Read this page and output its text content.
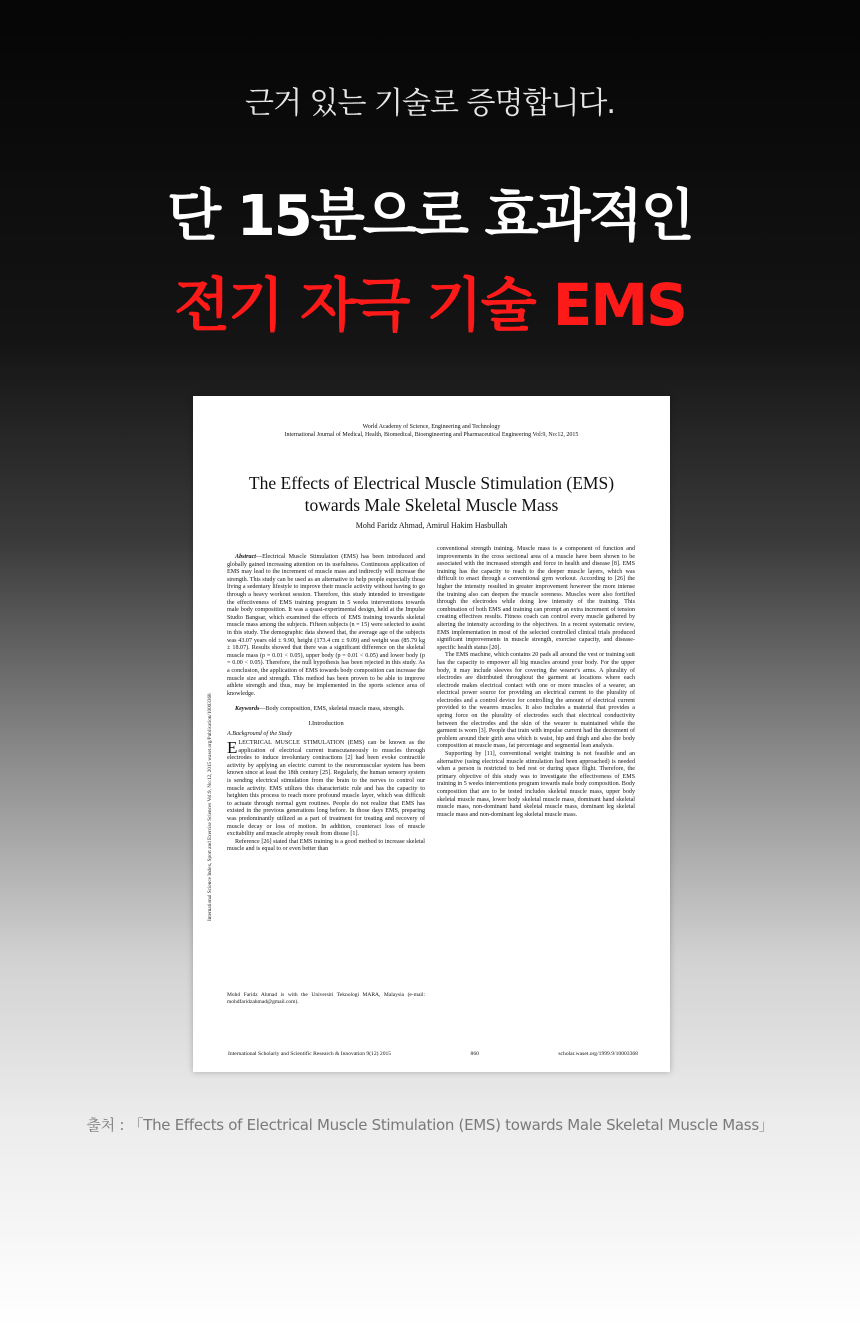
근거 있는 기술로 증명합니다.
단 15분으로 효과적인
전기 자극 기술 EMS
World Academy of Science, Engineering and Technology
International Journal of Medical, Health, Biomedical, Bioengineering and Pharmaceutical Engineering Vol:9, No:12, 2015
The Effects of Electrical Muscle Stimulation (EMS)
towards Male Skeletal Muscle Mass
Mohd Faridz Ahmad, Amirul Hakim Hasbullah
International Science Index, Sport and Exercise Sciences Vol:9, No:12, 2015 waset.org/Publication/10003368

Abstract—Electrical Muscle Stimulation (EMS) has been introduced and globally gained increasing attention on its usefulness. Continuous application of EMS may lead to the increment of muscle mass and indirectly will increase the strength. This study can be used as an alternative to help people especially those living a sedentary lifestyle to improve their muscle activity without having to go through a heavy workout session. Therefore, this study intended to investigate the effectiveness of EMS training program in 5 weeks interventions towards male body composition. It was a quasi-experimental design, held at the Impulse Studio Bangsar, which examined the effects of EMS training towards skeletal muscle mass among the subjects. Fifteen subjects (n = 15) were selected to assist in this study. The demographic data showed that, the average age of the subjects was 43.07 years old ± 9.90, height (173.4 cm ± 9.09) and weight was (85.79 kg ± 18.07). Results showed that there was a significant difference on the skeletal muscle mass (p = 0.01 < 0.05), upper body (p = 0.01 < 0.05) and lower body (p = 0.00 < 0.05). Therefore, the null hypothesis has been rejected in this study. As a conclusion, the application of EMS towards body composition can increase the muscle size and strength. This method has been proven to be able to improve athlete strength and thus, may be implemented in the sports science area of knowledge.

Keywords—Body composition, EMS, skeletal muscle mass, strength.

I.Introduction
A.Background of the Study

ELECTRICAL MUSCLE STIMULATION (EMS) can be known as the application of electrical current transcutaneously to muscles through electrodes to induce involuntary contractions [2] had been evoke contractile activity by applying an electric current to the neuromuscular system has been known since at least the 18th century [25]. Regularly, the human sensory system is sending electrical stimulation from the brain to the nerves to control our muscle activity. EMS utilizes this characteristic rule and has the capacity to heighten this process to reach more profound muscle layer, which was difficult to actuate through normal gym routines. People do not realize that EMS has existed in the previous generations long before. In those days EMS, preparing was predominantly utilized as a part of treatment for treating and recovery of muscle decay or loss of motion. In addition, counteract loss of muscle excitability and muscle atrophy result from disuse [1].

Reference [26] stated that EMS training is a good method to increase skeletal muscle and is equal to or even better than

conventional strength training. Muscle mass is a component of function and improvements in the cross sectional area of a muscle have been shown to be associated with the increased strength and force in health and disease [8]. EMS training has the capacity to reach to the deeper muscle layers, which was difficult to enact through a conventional gym workout. According to [26] the higher the intensity resulted in greater improvement however the more intense the training also can deepen the muscle soreness. Muscles were also fortified through the electrodes while doing low intensity of the training. This combination of both EMS and training can prompt an extra increment of tension creating effectives results. Fitness coach can control every muscle gathered by altering the intensity according to the objectives. In a recent systematic review, EMS implementation in most of the selected controlled clinical trials produced significant improvements in muscle strength, exercise capacity, and disease-specific health status [20].

The EMS machine, which contains 20 pads all around the vest or training suit has the capacity to empower all big muscles around your body. For the upper body, it may include sleeves for covering the wearer's arms. A plurality of electrodes are distributed throughout the garment at locations where each electrode makes electrical contact with one or more muscles of a wearer, an electrical power source for providing an electrical current to the plurality of electrodes and a control device for controlling the amount of electrical current provided to the wearers muscles. It also includes a material that provides a spring force on the plurality of electrodes such that electrical conductivity between the electrodes and the skin of the wearer is maintained while the garment is worn [3]. People that train with impulse current had the decrement of problem around their girth area which is waist, hip and thigh and also the body composition at muscle mass, fat percentage and segmental lean analysis.

Supporting by [11], conventional weight training is not feasible and an alternative (using electrical muscle stimulation had been approached) is needed when a person is restricted to bed rest or during space flight. Therefore, the primary objective of this study was to investigate the effectiveness of EMS training in 5 weeks interventions program towards male body composition. Body composition that are to be tested includes skeletal muscle mass, upper body skeletal muscle mass, lower body skeletal muscle mass, dominant hand skeletal muscle mass, non-dominant hand skeletal muscle mass, dominant leg skeletal muscle mass and non-dominant leg skeletal muscle mass.

Mohd Faridz Ahmad is with the Universiti Teknologi MARA, Malaysia (e-mail: mohdfaridzahmad@gmail.com).
International Scholarly and Scientific Research & Innovation 9(12) 2015	860	scholar.waset.org/1999.9/10003368
출처 : 「The Effects of Electrical Muscle Stimulation (EMS) towards Male Skeletal Muscle Mass」
